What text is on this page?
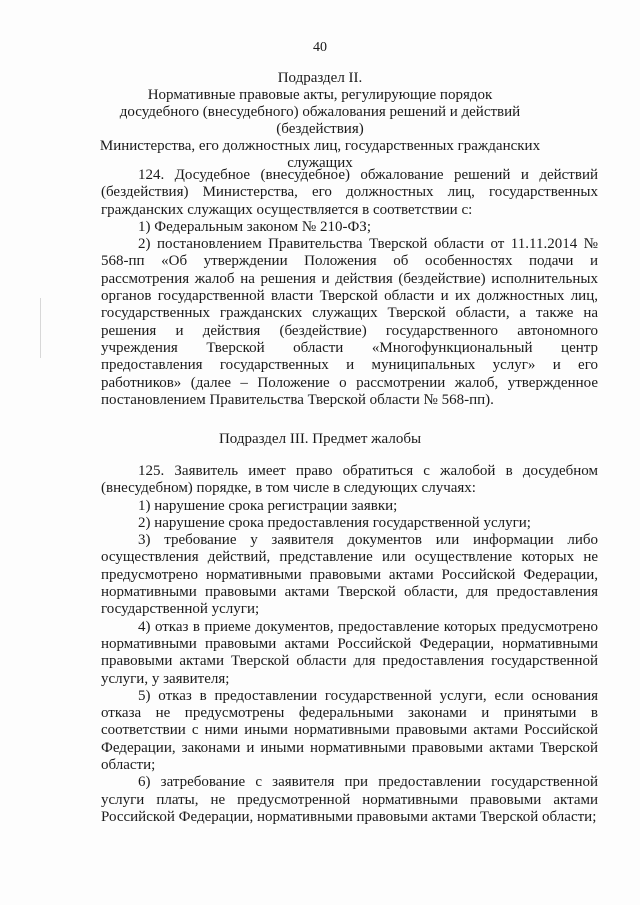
40
Подраздел II.
Нормативные правовые акты, регулирующие порядок
досудебного (внесудебного) обжалования решений и действий (бездействия)
Министерства, его должностных лиц, государственных гражданских
служащих

124. Досудебное (внесудебное) обжалование решений и действий (бездействия) Министерства, его должностных лиц, государственных гражданских служащих осуществляется в соответствии с:

1) Федеральным законом № 210-ФЗ;

2) постановлением Правительства Тверской области от 11.11.2014 № 568-пп «Об утверждении Положения об особенностях подачи и рассмотрения жалоб на решения и действия (бездействие) исполнительных органов государственной власти Тверской области и их должностных лиц, государственных гражданских служащих Тверской области, а также на решения и действия (бездействие) государственного автономного учреждения Тверской области «Многофункциональный центр предоставления государственных и муниципальных услуг» и его работников» (далее – Положение о рассмотрении жалоб, утвержденное постановлением Правительства Тверской области № 568-пп).

Подраздел III. Предмет жалобы

125. Заявитель имеет право обратиться с жалобой в досудебном (внесудебном) порядке, в том числе в следующих случаях:

1) нарушение срока регистрации заявки;

2) нарушение срока предоставления государственной услуги;

3) требование у заявителя документов или информации либо осуществления действий, представление или осуществление которых не предусмотрено нормативными правовыми актами Российской Федерации, нормативными правовыми актами Тверской области, для предоставления государственной услуги;

4) отказ в приеме документов, предоставление которых предусмотрено нормативными правовыми актами Российской Федерации, нормативными правовыми актами Тверской области для предоставления государственной услуги, у заявителя;

5) отказ в предоставлении государственной услуги, если основания отказа не предусмотрены федеральными законами и принятыми в соответствии с ними иными нормативными правовыми актами Российской Федерации, законами и иными нормативными правовыми актами Тверской области;

6) затребование с заявителя при предоставлении государственной услуги платы, не предусмотренной нормативными правовыми актами Российской Федерации, нормативными правовыми актами Тверской области;
